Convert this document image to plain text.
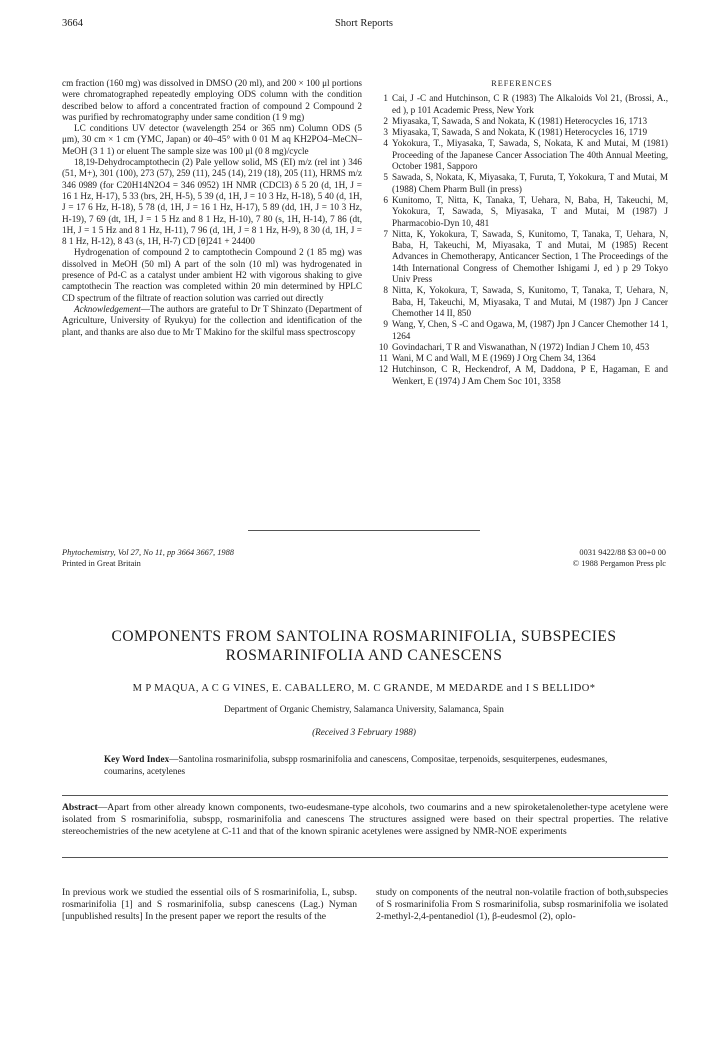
3664	Short Reports

cm fraction (160 mg) was dissolved in DMSO (20 ml), and 200 × 100 μl portions were chromatographed repeatedly employing ODS column with the condition described below to afford a concentrated fraction of compound 2 Compound 2 was purified by rechromatography under same condition (1 9 mg)

LC conditions UV detector (wavelength 254 or 365 nm) Column ODS (5 μm), 30 cm × 1 cm (YMC, Japan) or 40–45° with 0 01 M aq KH2PO4–MeCN–MeOH (3 1 1) or eluent The sample size was 100 μl (0 8 mg)/cycle

18,19-Dehydrocamptothecin (2) Pale yellow solid, MS (EI) m/z (rel int ) 346 (51, M+), 301 (100), 273 (57), 259 (11), 245 (14), 219 (18), 205 (11), HRMS m/z 346 0989 (for C20H14N2O4 = 346 0952) 1H NMR (CDCl3) δ 5 20 (d, 1H, J = 16 1 Hz, H-17), 5 33 (brs, 2H, H-5), 5 39 (d, 1H, J = 10 3 Hz, H-18), 5 40 (d, 1H, J = 17 6 Hz, H-18), 5 78 (d, 1H, J = 16 1 Hz, H-17), 5 89 (dd, 1H, J = 10 3 Hz, H-19), 7 69 (dt, 1H, J = 1 5 Hz and 8 1 Hz, H-10), 7 80 (s, 1H, H-14), 7 86 (dt, 1H, J = 1 5 Hz and 8 1 Hz, H-11), 7 96 (d, 1H, J = 8 1 Hz, H-9), 8 30 (d, 1H, J = 8 1 Hz, H-12), 8 43 (s, 1H, H-7) CD [θ]241 + 24400

Hydrogenation of compound 2 to camptothecin Compound 2 (1 85 mg) was dissolved in MeOH (50 ml) A part of the soln (10 ml) was hydrogenated in presence of Pd-C as a catalyst under ambient H2 with vigorous shaking to give camptothecin The reaction was completed within 20 min determined by HPLC CD spectrum of the filtrate of reaction solution was carried out directly

Acknowledgement—The authors are grateful to Dr T Shinzato (Department of Agriculture, University of Ryukyu) for the collection and identification of the plant, and thanks are also due to Mr T Makino for the skilful mass spectroscopy

REFERENCES
1 Cai, J -C and Hutchinson, C R (1983) The Alkaloids Vol 21, (Brossi, A., ed ), p 101 Academic Press, New York
2 Miyasaka, T, Sawada, S and Nokata, K (1981) Heterocycles 16, 1713
3 Miyasaka, T, Sawada, S and Nokata, K (1981) Heterocycles 16, 1719
4 Yokokura, T., Miyasaka, T, Sawada, S, Nokata, K and Mutai, M (1981) Proceeding of the Japanese Cancer Association The 40th Annual Meeting, October 1981, Sapporo
5 Sawada, S, Nokata, K, Miyasaka, T, Furuta, T, Yokokura, T and Mutai, M (1988) Chem Pharm Bull (in press)
6 Kunitomo, T, Nitta, K, Tanaka, T, Uehara, N, Baba, H, Takeuchi, M, Yokokura, T, Sawada, S, Miyasaka, T and Mutai, M (1987) J Pharmacobio-Dyn 10, 481
7 Nitta, K, Yokokura, T, Sawada, S, Kunitomo, T, Tanaka, T, Uehara, N, Baba, H, Takeuchi, M, Miyasaka, T and Mutai, M (1985) Recent Advances in Chemotherapy, Anticancer Section, 1 The Proceedings of the 14th International Congress of Chemother Ishigami J, ed ) p 29 Tokyo Univ Press
8 Nitta, K, Yokokura, T, Sawada, S, Kunitomo, T, Tanaka, T, Uehara, N, Baba, H, Takeuchi, M, Miyasaka, T and Mutai, M (1987) Jpn J Cancer Chemother 14 II, 850
9 Wang, Y, Chen, S -C and Ogawa, M, (1987) Jpn J Cancer Chemother 14 1, 1264
10 Govindachari, T R and Viswanathan, N (1972) Indian J Chem 10, 453
11 Wani, M C and Wall, M E (1969) J Org Chem 34, 1364
12 Hutchinson, C R, Heckendrof, A M, Daddona, P E, Hagaman, E and Wenkert, E (1974) J Am Chem Soc 101, 3358
Phytochemistry, Vol 27, No 11, pp 3664 3667, 1988
Printed in Great Britain
0031 9422/88 $3 00+0 00
© 1988 Pergamon Press plc
COMPONENTS FROM SANTOLINA ROSMARINIFOLIA, SUBSPECIES
ROSMARINIFOLIA AND CANESCENS
M P MAQUA, A C G VINES, E. CABALLERO, M. C GRANDE, M MEDARDE and I S BELLIDO*
Department of Organic Chemistry, Salamanca University, Salamanca, Spain
(Received 3 February 1988)
Key Word Index—Santolina rosmarinifolia, subspp rosmarinifolia and canescens, Compositae, terpenoids, sesquiterpenes, eudesmanes, coumarins, acetylenes
Abstract—Apart from other already known components, two-eudesmane-type alcohols, two coumarins and a new spiroketalenolether-type acetylene were isolated from S rosmarinifolia, subspp, rosmarinifolia and canescens The structures assigned were based on their spectral properties. The relative stereochemistries of the new acetylene at C-11 and that of the known spiranic acetylenes were assigned by NMR-NOE experiments
In previous work we studied the essential oils of S rosmarinifolia, L, subsp. rosmarinifolia [1] and S rosmarinifolia, subsp canescens (Lag.) Nyman [unpublished results] In the present paper we report the results of the
study on components of the neutral non-volatile fraction of both,subspecies of S rosmarinifolia From S rosmarinifolia, subsp rosmarinifolia we isolated 2-methyl-2,4-pentanediol (1), β-eudesmol (2), oplo-
